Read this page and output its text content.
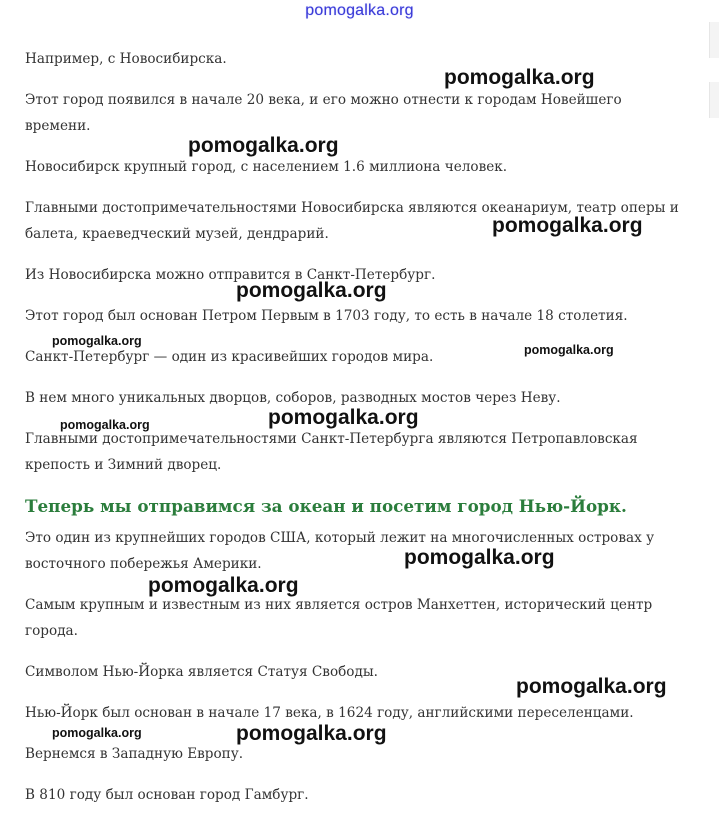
pomogalka.org

Например, с Новосибирска.

Этот город появился в начале 20 века, и его можно отнести к городам Новейшего времени.

Новосибирск крупный город, с населением 1.6 миллиона человек.

Главными достопримечательностями Новосибирска являются океанариум, театр оперы и балета, краеведческий музей, дендрарий.

Из Новосибирска можно отправится в Санкт-Петербург.

Этот город был основан Петром Первым в 1703 году, то есть в начале 18 столетия.

Санкт-Петербург — один из красивейших городов мира.

В нем много уникальных дворцов, соборов, разводных мостов через Неву.

Главными достопримечательностями Санкт-Петербурга являются Петропавловская крепость и Зимний дворец.

Теперь мы отправимся за океан и посетим город Нью-Йорк.

Это один из крупнейших городов США, который лежит на многочисленных островах у восточного побережья Америки.

Самым крупным и известным из них является остров Манхеттен, исторический центр города.

Символом Нью-Йорка является Статуя Свободы.

Нью-Йорк был основан в начале 17 века, в 1624 году, английскими переселенцами.

Вернемся в Западную Европу.

В 810 году был основан город Гамбург.

pomogalka.org
pomogalka.org
pomogalka.org
pomogalka.org
pomogalka.org
pomogalka.org
pomogalka.org
pomogalka.org
pomogalka.org
pomogalka.org
pomogalka.org
pomogalka.org	pomogalka.org
